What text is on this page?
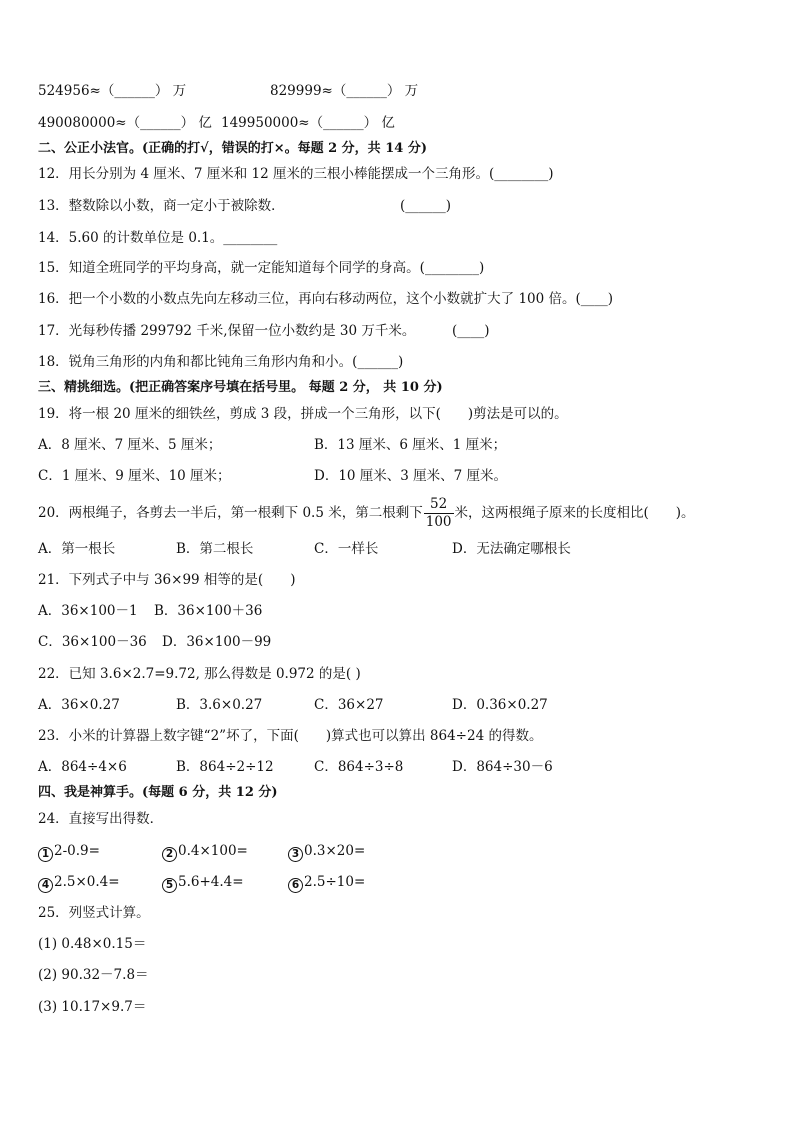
524956≈（______） 万	829999≈（______） 万
490080000≈（______） 亿 149950000≈（______） 亿
二、公正小法官。(正确的打√，错误的打×。每题 2 分，共 14 分)
12．用长分别为 4 厘米、7 厘米和 12 厘米的三根小棒能摆成一个三角形。(________)
13．整数除以小数，商一定小于被除数．	(______)
14．5.60 的计数单位是 0.1。________
15．知道全班同学的平均身高，就一定能知道每个同学的身高。(________)
16．把一个小数的小数点先向左移动三位，再向右移动两位，这个小数就扩大了 100 倍。(____)
17．光每秒传播 299792 千米,保留一位小数约是 30 万千米。	(____)
18．锐角三角形的内角和都比钝角三角形内角和小。(______)
三、精挑细选。(把正确答案序号填在括号里。 每题 2 分， 共 10 分)
19．将一根 20 厘米的细铁丝，剪成 3 段，拼成一个三角形，以下(　　)剪法是可以的。
A．8 厘米、7 厘米、5 厘米；	B．13 厘米、6 厘米、1 厘米；
C．1 厘米、9 厘米、10 厘米；	D．10 厘米、3 厘米、7 厘米。
20．两根绳子，各剪去一半后，第一根剩下 0.5 米，第二根剩下 $\frac{52}{100}$ 米，这两根绳子原来的长度相比(　　)。
A．第一根长	B．第二根长	C．一样长	D．无法确定哪根长
21．下列式子中与 36×99 相等的是(　　)
A．36×100－1 B．36×100＋36
C．36×100－36 D．36×100－99
22．已知 3.6×2.7=9.72, 那么得数是 0.972 的是( )
A．36×0.27	B．3.6×0.27	C．36×27	D．0.36×0.27
23．小米的计算器上数字键“2”坏了，下面(　　)算式也可以算出 864÷24 的得数。
A．864÷4×6	B．864÷2÷12	C．864÷3÷8	D．864÷30－6
四、我是神算手。(每题 6 分，共 12 分)
24．直接写出得数．
1 2-0.9=	2 0.4×100=	3 0.3×20=
4 2.5×0.4=	5 5.6+4.4=	6 2.5÷10=
25．列竖式计算。
(1) 0.48×0.15＝
(2) 90.32－7.8＝
(3) 10.17×9.7＝
